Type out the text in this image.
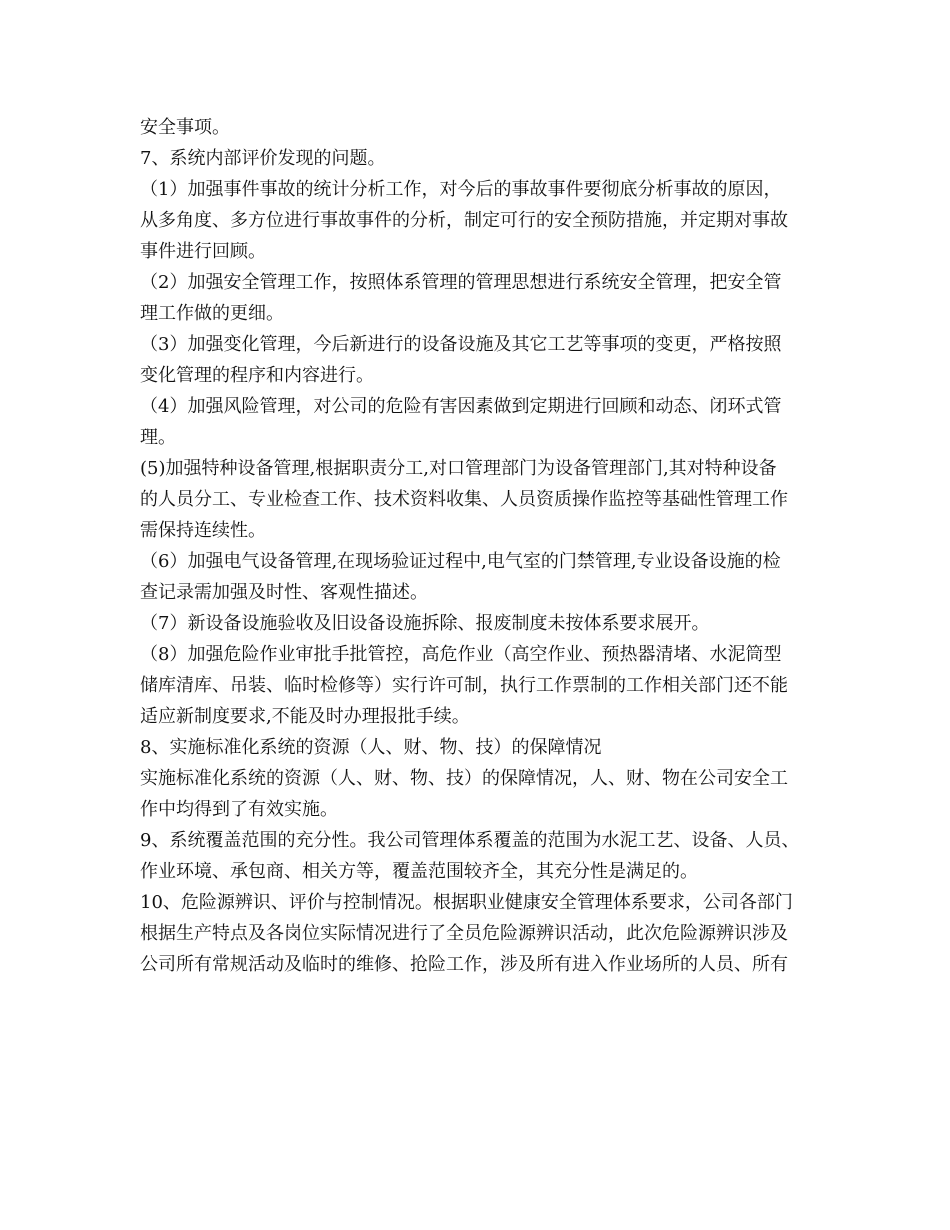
安全事项。
7、系统内部评价发现的问题。
（1）加强事件事故的统计分析工作，对今后的事故事件要彻底分析事故的原因，
从多角度、多方位进行事故事件的分析，制定可行的安全预防措施，并定期对事故
事件进行回顾。
（2）加强安全管理工作，按照体系管理的管理思想进行系统安全管理，把安全管
理工作做的更细。
（3）加强变化管理，今后新进行的设备设施及其它工艺等事项的变更，严格按照
变化管理的程序和内容进行。
（4）加强风险管理，对公司的危险有害因素做到定期进行回顾和动态、闭环式管
理。
(5)加强特种设备管理,根据职责分工,对口管理部门为设备管理部门,其对特种设备
的人员分工、专业检查工作、技术资料收集、人员资质操作监控等基础性管理工作
需保持连续性。
（6）加强电气设备管理,在现场验证过程中,电气室的门禁管理,专业设备设施的检
查记录需加强及时性、客观性描述。
（7）新设备设施验收及旧设备设施拆除、报废制度未按体系要求展开。
（8）加强危险作业审批手批管控，高危作业（高空作业、预热器清堵、水泥筒型
储库清库、吊装、临时检修等）实行许可制，执行工作票制的工作相关部门还不能
适应新制度要求,不能及时办理报批手续。
8、实施标准化系统的资源（人、财、物、技）的保障情况
实施标准化系统的资源（人、财、物、技）的保障情况，人、财、物在公司安全工
作中均得到了有效实施。
9、系统覆盖范围的充分性。我公司管理体系覆盖的范围为水泥工艺、设备、人员、
作业环境、承包商、相关方等，覆盖范围较齐全，其充分性是满足的。
10、危险源辨识、评价与控制情况。根据职业健康安全管理体系要求，公司各部门
根据生产特点及各岗位实际情况进行了全员危险源辨识活动，此次危险源辨识涉及
公司所有常规活动及临时的维修、抢险工作，涉及所有进入作业场所的人员、所有
